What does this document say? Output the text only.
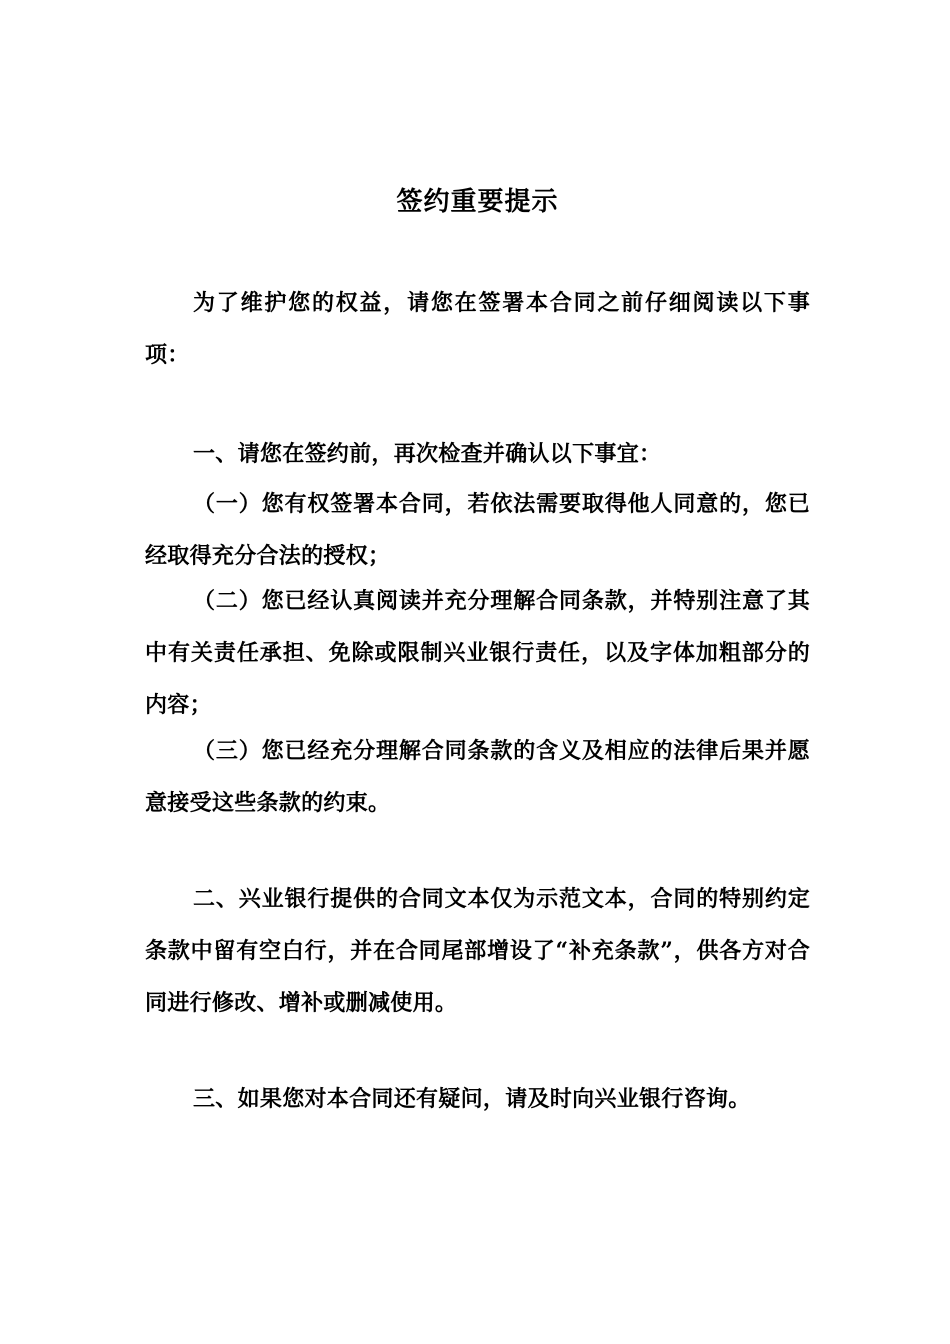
签约重要提示

为了维护您的权益，请您在签署本合同之前仔细阅读以下事项：

一、请您在签约前，再次检查并确认以下事宜：

（一）您有权签署本合同，若依法需要取得他人同意的，您已经取得充分合法的授权；

（二）您已经认真阅读并充分理解合同条款，并特别注意了其中有关责任承担、免除或限制兴业银行责任，以及字体加粗部分的内容；

（三）您已经充分理解合同条款的含义及相应的法律后果并愿意接受这些条款的约束。

二、兴业银行提供的合同文本仅为示范文本，合同的特别约定条款中留有空白行，并在合同尾部增设了“补充条款”，供各方对合同进行修改、增补或删减使用。

三、如果您对本合同还有疑问，请及时向兴业银行咨询。
